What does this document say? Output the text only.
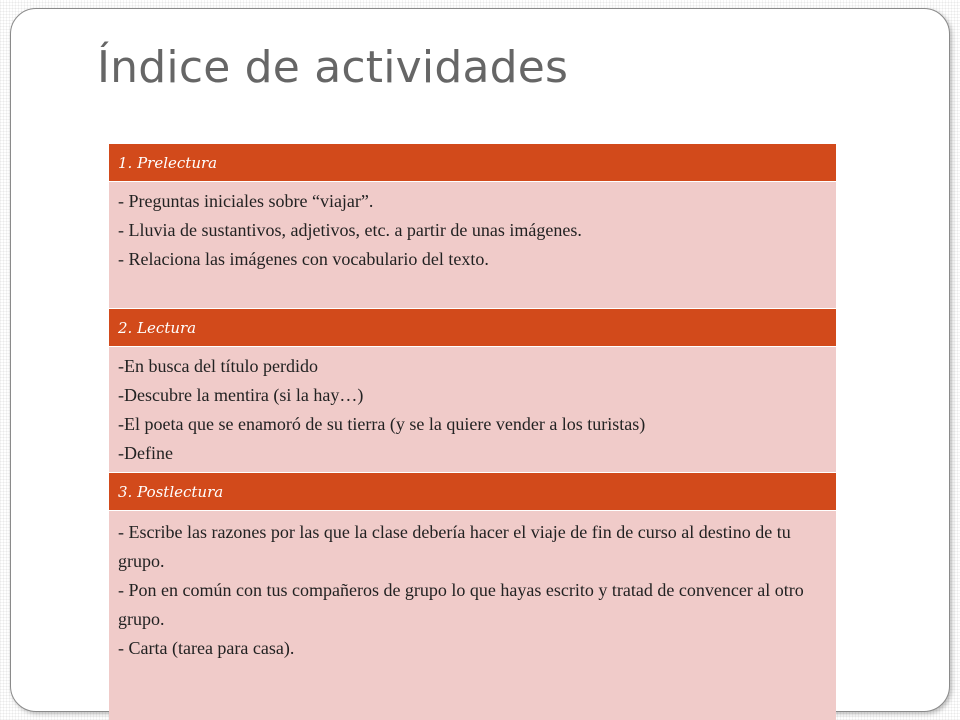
Índice de actividades
1. Prelectura

- Preguntas iniciales sobre “viajar”.

- Lluvia de sustantivos, adjetivos, etc. a partir de unas imágenes.

- Relaciona las imágenes con vocabulario del texto.

2. Lectura

-En busca del título perdido

-Descubre la mentira (si la hay…)

-El poeta que se enamoró de su tierra (y se la quiere vender a los turistas)

-Define

3. Postlectura

- Escribe las razones por las que la clase debería hacer el viaje de fin de curso al destino de tu grupo.

- Pon en común con tus compañeros de grupo lo que hayas escrito y tratad de convencer al otro grupo.

- Carta (tarea para casa).
